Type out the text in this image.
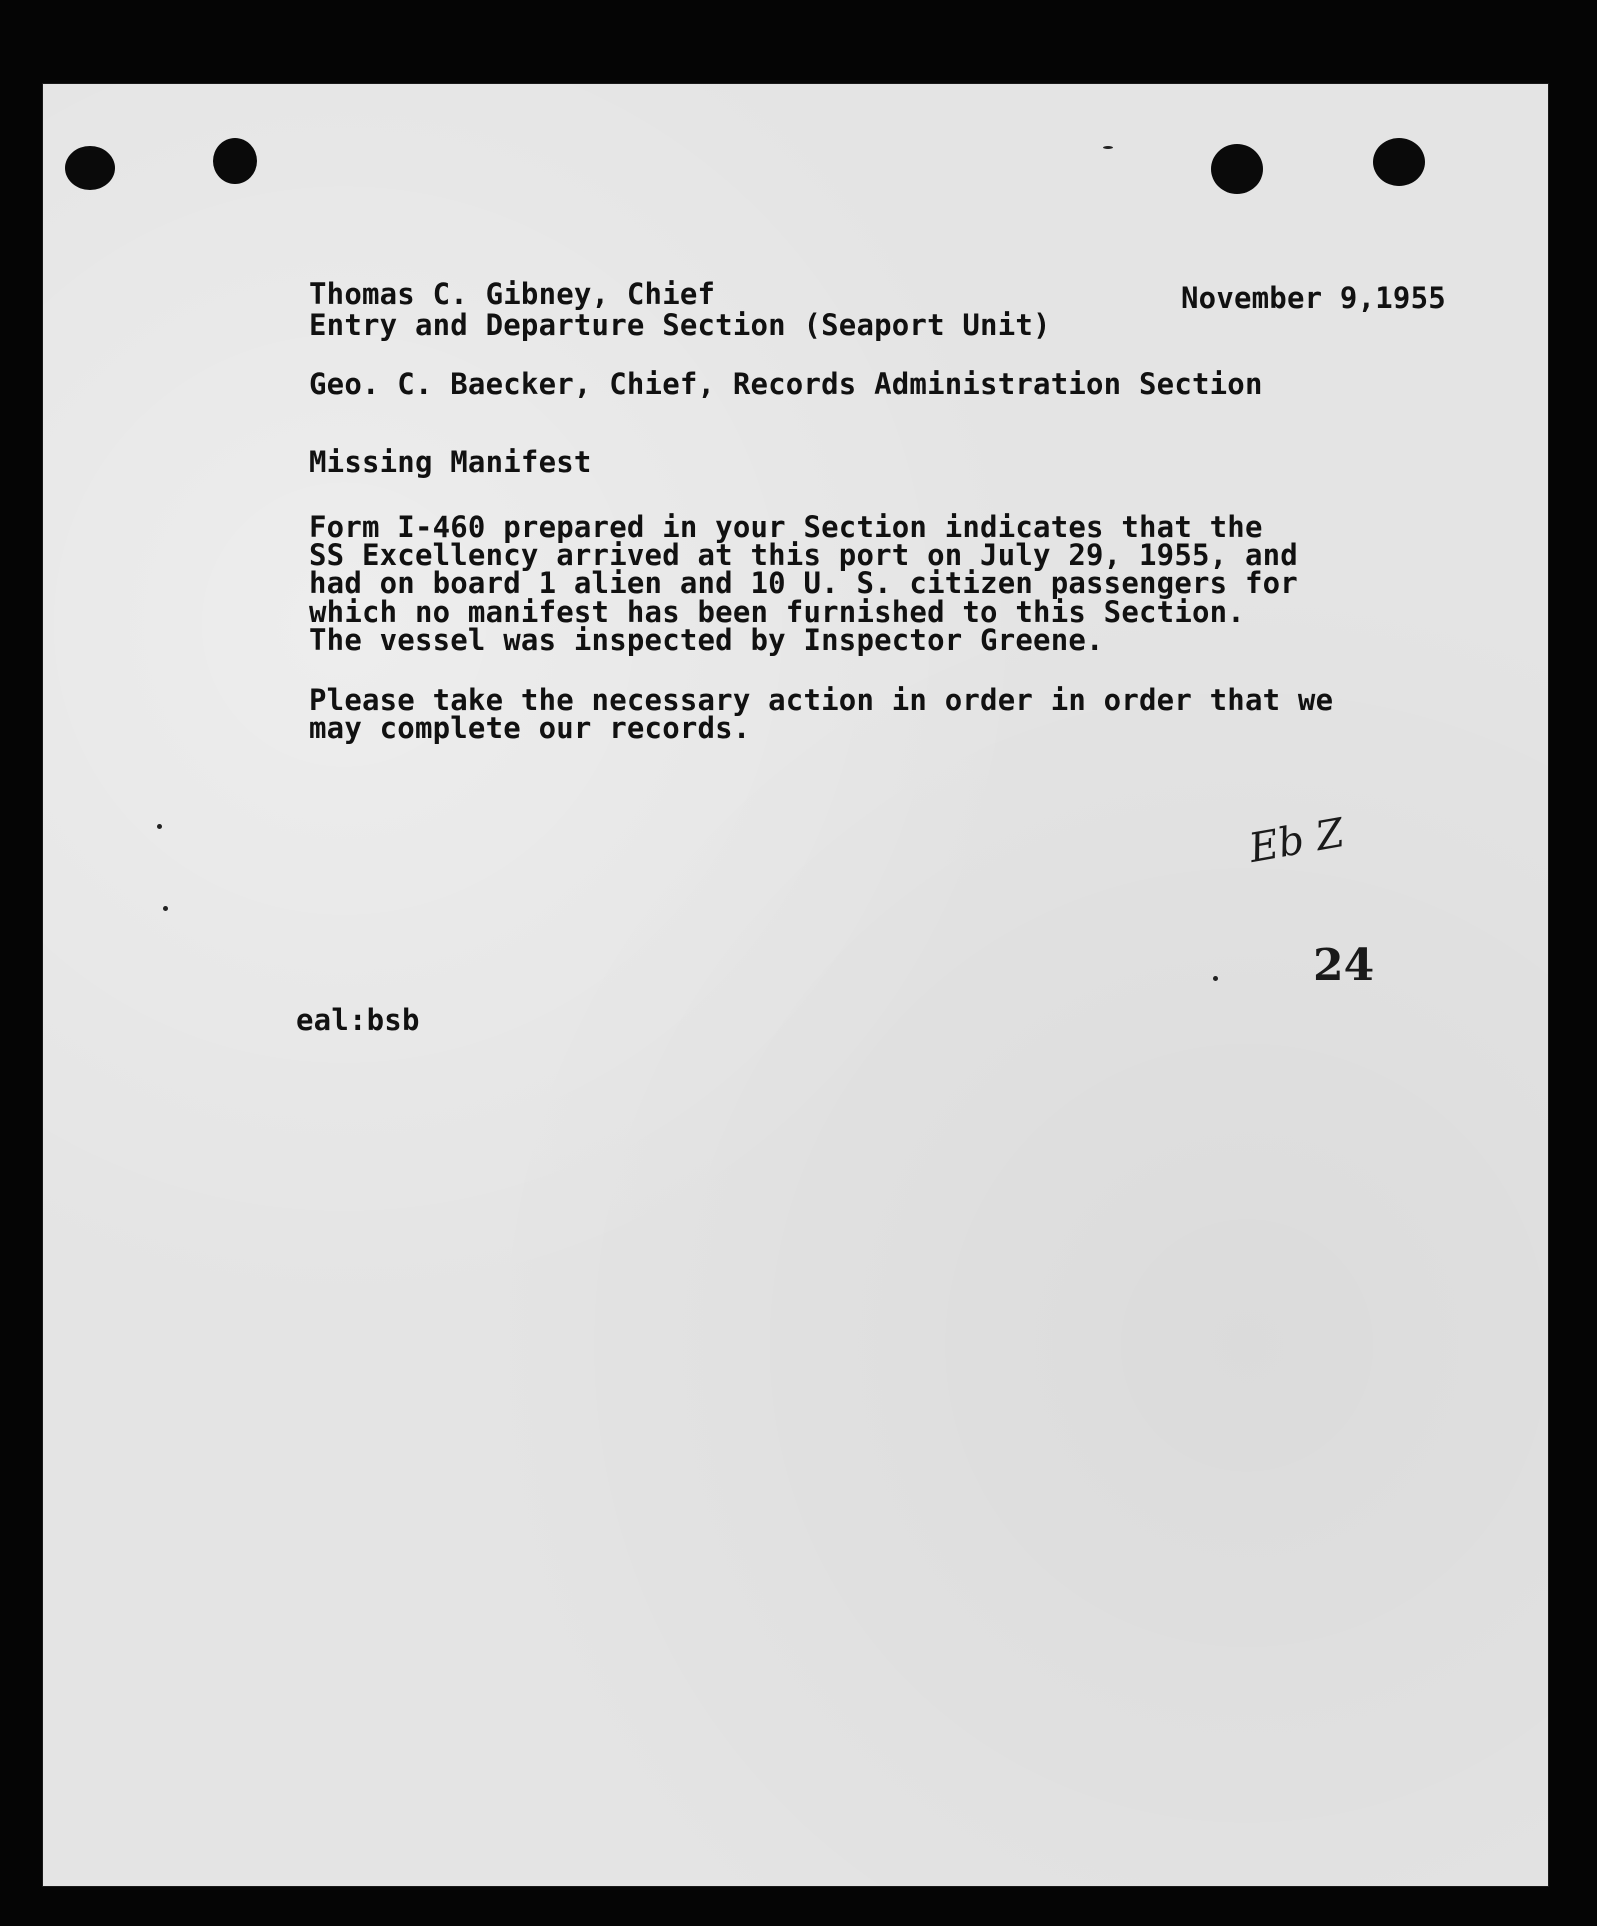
Thomas C. Gibney, Chief
Entry and Departure Section (Seaport Unit)
November 9,1955
Geo. C. Baecker, Chief, Records Administration Section
Missing Manifest
Form I-460 prepared in your Section indicates that the
SS Excellency arrived at this port on July 29, 1955, and
had on board 1 alien and 10 U. S. citizen passengers for
which no manifest has been furnished to this Section.
The vessel was inspected by Inspector Greene.
Please take the necessary action in order in order that we
may complete our records.
Eb Z
24
eal:bsb
